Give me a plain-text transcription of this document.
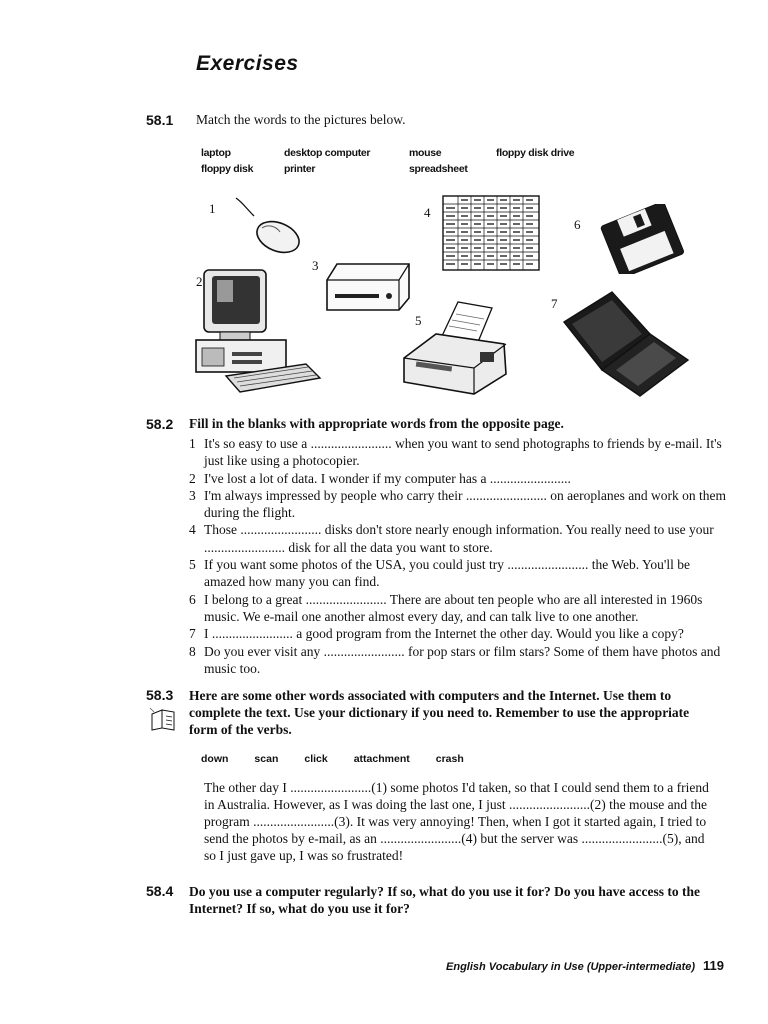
Exercises
58.1 Match the words to the pictures below.
laptop	desktop computer	mouse	floppy disk drive
floppy disk	printer	spreadsheet
1
2
3
4
5
6
7
58.2 Fill in the blanks with appropriate words from the opposite page.
1 It's so easy to use a ........................ when you want to send photographs to friends by e-mail. It's just like using a photocopier.
2 I've lost a lot of data. I wonder if my computer has a ........................
3 I'm always impressed by people who carry their ........................ on aeroplanes and work on them during the flight.
4 Those ........................ disks don't store nearly enough information. You really need to use your ........................ disk for all the data you want to store.
5 If you want some photos of the USA, you could just try ........................ the Web. You'll be amazed how many you can find.
6 I belong to a great ........................ There are about ten people who are all interested in 1960s music. We e-mail one another almost every day, and can talk live to one another.
7 I ........................ a good program from the Internet the other day. Would you like a copy?
8 Do you ever visit any ........................ for pop stars or film stars? Some of them have photos and music too.
58.3 Here are some other words associated with computers and the Internet. Use them to complete the text. Use your dictionary if you need to. Remember to use the appropriate form of the verbs.
down scan click attachment crash
The other day I ........................(1) some photos I'd taken, so that I could send them to a friend in Australia. However, as I was doing the last one, I just ........................(2) the mouse and the program ........................(3). It was very annoying! Then, when I got it started again, I tried to send the photos by e-mail, as an ........................(4) but the server was ........................(5), and so I just gave up, I was so frustrated!
58.4 Do you use a computer regularly? If so, what do you use it for? Do you have access to the Internet? If so, what do you use it for?
English Vocabulary in Use (Upper-intermediate) 119
